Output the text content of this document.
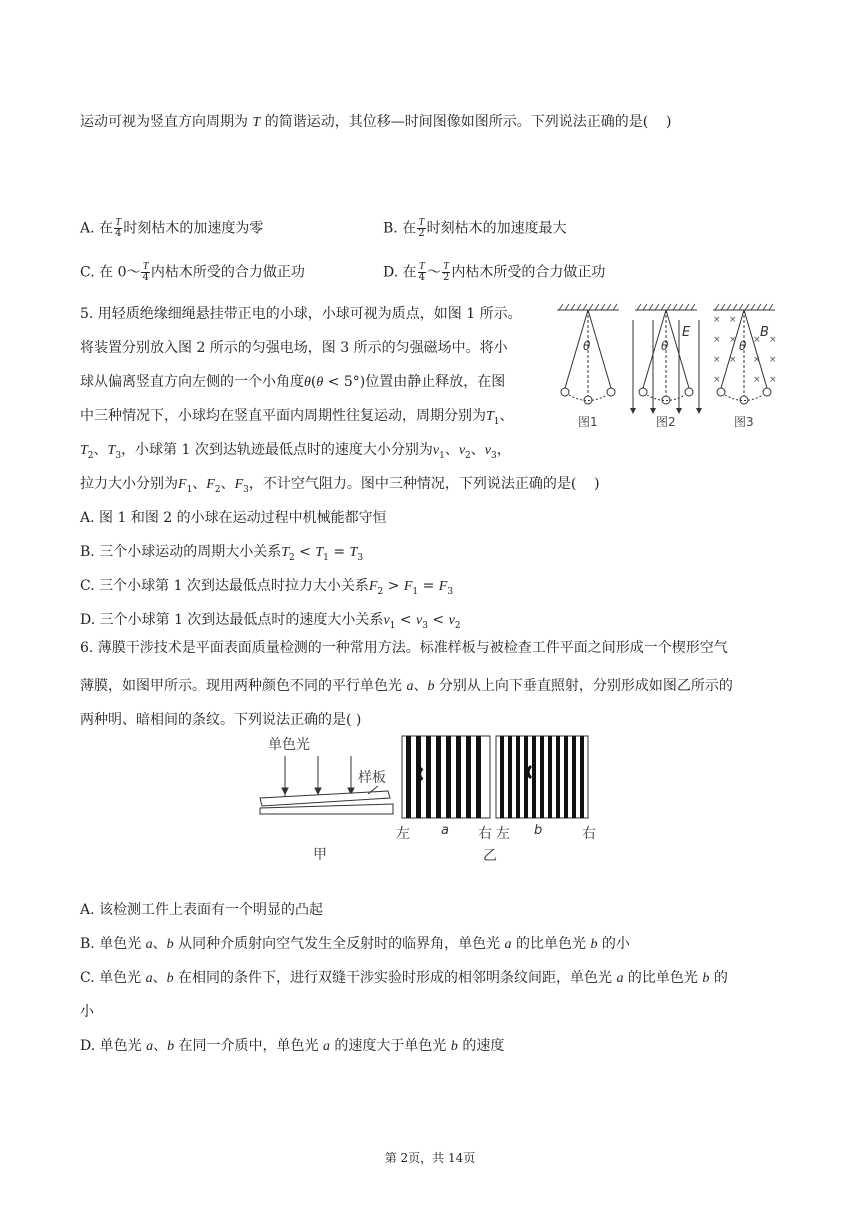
运动可视为竖直方向周期为 T 的简谐运动，其位移—时间图像如图所示。下列说法正确的是(    )
A. 在 $\frac{T}{4}$ 时刻枯木的加速度为零	B. 在 $\frac{T}{2}$ 时刻枯木的加速度最大
C. 在 0～ $\frac{T}{4}$ 内枯木所受的合力做正功	D. 在 $\frac{T}{4}$ ～ $\frac{T}{2}$ 内枯木所受的合力做正功
5. 用轻质绝缘细绳悬挂带正电的小球，小球可视为质点，如图 1 所示。
将装置分别放入图 2 所示的匀强电场，图 3 所示的匀强磁场中。将小
球从偏离竖直方向左侧的一个小角度θ(θ < 5°)位置由静止释放，在图
中三种情况下，小球均在竖直平面内周期性往复运动，周期分别为$T_1$、
$T_2$、$T_3$，小球第 1 次到达轨迹最低点时的速度大小分别为$v_1$、$v_2$、$v_3$，
拉力大小分别为$F_1$、$F_2$、$F_3$，不计空气阻力。图中三种情况，下列说法正确的是(    )
A. 图 1 和图 2 的小球在运动过程中机械能都守恒
B. 三个小球运动的周期大小关系$T_2 < T_1 = T_3$
C. 三个小球第 1 次到达最低点时拉力大小关系$F_2 > F_1 = F_3$
D. 三个小球第 1 次到达最低点时的速度大小关系$v_1 < v_3 < v_2$
×
×
×
×
×
×
×
×
×
×
×
×
×
θ	θ	θ
E	B
图1	图2	图3
6. 薄膜干涉技术是平面表面质量检测的一种常用方法。标准样板与被检查工件平面之间形成一个楔形空气
薄膜，如图甲所示。现用两种颜色不同的平行单色光 a、b 分别从上向下垂直照射，分别形成如图乙所示的
两种明、暗相间的条纹。下列说法正确的是( )
单色光
样板
甲
左 a 右 左 b	右
乙
A. 该检测工件上表面有一个明显的凸起
B. 单色光 a、b 从同种介质射向空气发生全反射时的临界角，单色光 a 的比单色光 b 的小
C. 单色光 a、b 在相同的条件下，进行双缝干涉实验时形成的相邻明条纹间距，单色光 a 的比单色光 b 的
小
D. 单色光 a、b 在同一介质中，单色光 a 的速度大于单色光 b 的速度
第 2页，共 14页
